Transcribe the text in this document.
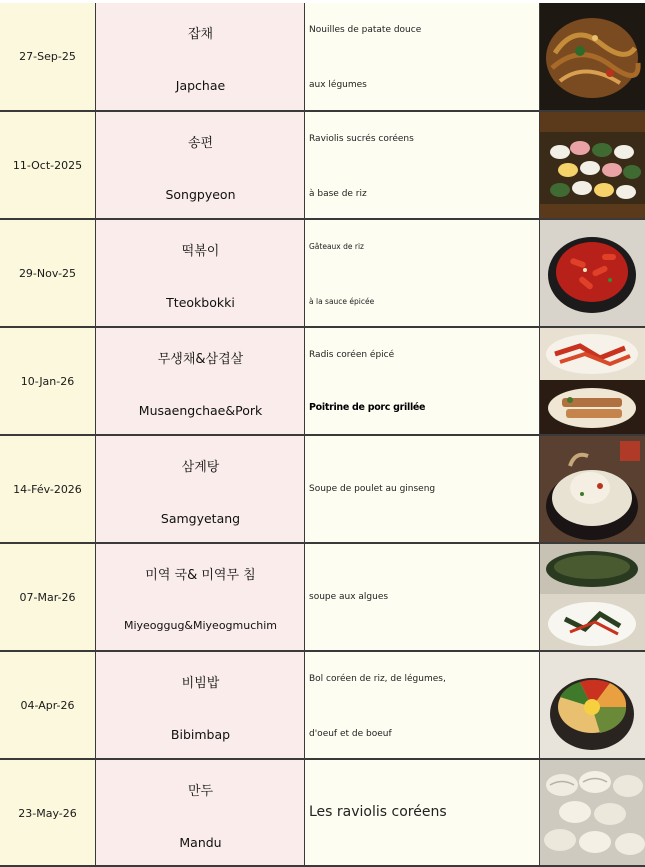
27-Sep-25
잡채
Japchae
Nouilles de patate douce
aux légumes
11-Oct-2025
송편
Songpyeon
Raviolis sucrés coréens
à base de riz
29-Nov-25
떡볶이
Tteokbokki
Gâteaux de riz
à la sauce épicée
10-Jan-26
무생채&삼겹살
Musaengchae&Pork
Radis coréen épicé
Poitrine de porc grillée
14-Fév-2026
삼계탕
Samgyetang
Soupe de poulet au ginseng
07-Mar-26
미역 국& 미역무 침
Miyeoggug&Miyeogmuchim
soupe aux algues
04-Apr-26
비빔밥
Bibimbap
Bol coréen de riz, de légumes,
d'oeuf et de boeuf
23-May-26
만두
Mandu
Les raviolis coréens
